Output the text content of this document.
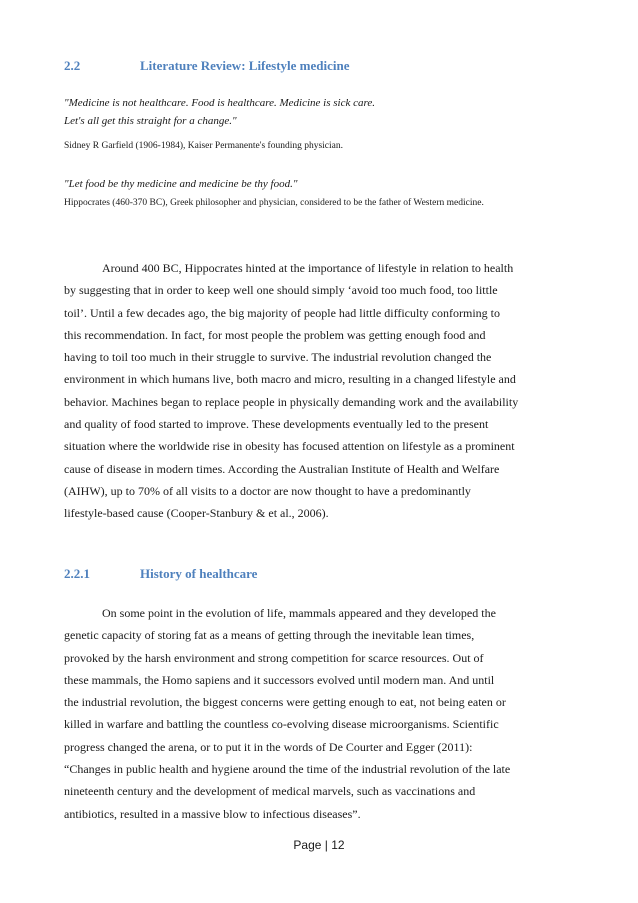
2.2	Literature Review: Lifestyle medicine

"Medicine is not healthcare. Food is healthcare. Medicine is sick care.
Let's all get this straight for a change."

Sidney R Garfield (1906-1984), Kaiser Permanente's founding physician.

"Let food be thy medicine and medicine be thy food."

Hippocrates (460-370 BC), Greek philosopher and physician, considered to be the father of Western medicine.

Around 400 BC, Hippocrates hinted at the importance of lifestyle in relation to health
by suggesting that in order to keep well one should simply ‘avoid too much food, too little
toil’. Until a few decades ago, the big majority of people had little difficulty conforming to
this recommendation. In fact, for most people the problem was getting enough food and
having to toil too much in their struggle to survive. The industrial revolution changed the
environment in which humans live, both macro and micro, resulting in a changed lifestyle and
behavior. Machines began to replace people in physically demanding work and the availability
and quality of food started to improve. These developments eventually led to the present
situation where the worldwide rise in obesity has focused attention on lifestyle as a prominent
cause of disease in modern times. According the Australian Institute of Health and Welfare
(AIHW), up to 70% of all visits to a doctor are now thought to have a predominantly
lifestyle-based cause (Cooper-Stanbury & et al., 2006).
2.2.1	History of healthcare
On some point in the evolution of life, mammals appeared and they developed the
genetic capacity of storing fat as a means of getting through the inevitable lean times,
provoked by the harsh environment and strong competition for scarce resources. Out of
these mammals, the Homo sapiens and it successors evolved until modern man. And until
the industrial revolution, the biggest concerns were getting enough to eat, not being eaten or
killed in warfare and battling the countless co-evolving disease microorganisms. Scientific
progress changed the arena, or to put it in the words of De Courter and Egger (2011):
“Changes in public health and hygiene around the time of the industrial revolution of the late
nineteenth century and the development of medical marvels, such as vaccinations and
antibiotics, resulted in a massive blow to infectious diseases”.
Page | 12
